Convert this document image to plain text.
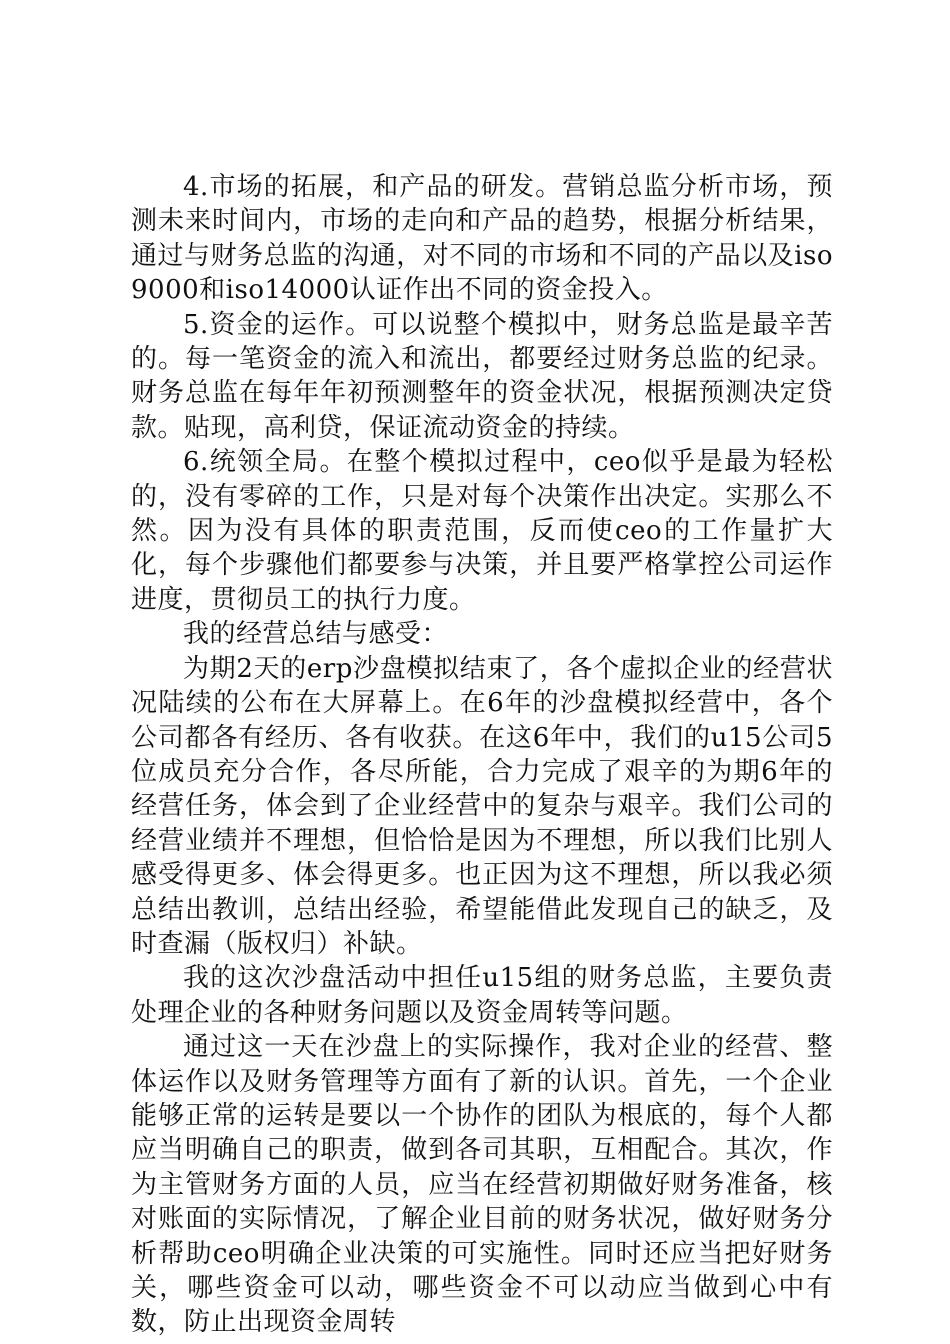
4.市场的拓展，和产品的研发。营销总监分析市场，预测未来时间内，市场的走向和产品的趋势，根据分析结果，通过与财务总监的沟通，对不同的市场和不同的产品以及iso9000和iso14000认证作出不同的资金投入。

5.资金的运作。可以说整个模拟中，财务总监是最辛苦的。每一笔资金的流入和流出，都要经过财务总监的纪录。财务总监在每年年初预测整年的资金状况，根据预测决定贷款。贴现，高利贷，保证流动资金的持续。

6.统领全局。在整个模拟过程中，ceo似乎是最为轻松的，没有零碎的工作，只是对每个决策作出决定。实那么不然。因为没有具体的职责范围，反而使ceo的工作量扩大化，每个步骤他们都要参与决策，并且要严格掌控公司运作进度，贯彻员工的执行力度。

我的经营总结与感受：

为期2天的erp沙盘模拟结束了，各个虚拟企业的经营状况陆续的公布在大屏幕上。在6年的沙盘模拟经营中，各个公司都各有经历、各有收获。在这6年中，我们的u15公司5位成员充分合作，各尽所能，合力完成了艰辛的为期6年的经营任务，体会到了企业经营中的复杂与艰辛。我们公司的经营业绩并不理想，但恰恰是因为不理想，所以我们比别人感受得更多、体会得更多。也正因为这不理想，所以我必须总结出教训，总结出经验，希望能借此发现自己的缺乏，及时查漏（版权归）补缺。

我的这次沙盘活动中担任u15组的财务总监，主要负责处理企业的各种财务问题以及资金周转等问题。

通过这一天在沙盘上的实际操作，我对企业的经营、整体运作以及财务管理等方面有了新的认识。首先，一个企业能够正常的运转是要以一个协作的团队为根底的，每个人都应当明确自己的职责，做到各司其职，互相配合。其次，作为主管财务方面的人员，应当在经营初期做好财务准备，核对账面的实际情况，了解企业目前的财务状况，做好财务分析帮助ceo明确企业决策的可实施性。同时还应当把好财务关，哪些资金可以动，哪些资金不可以动应当做到心中有数，防止出现资金周转
